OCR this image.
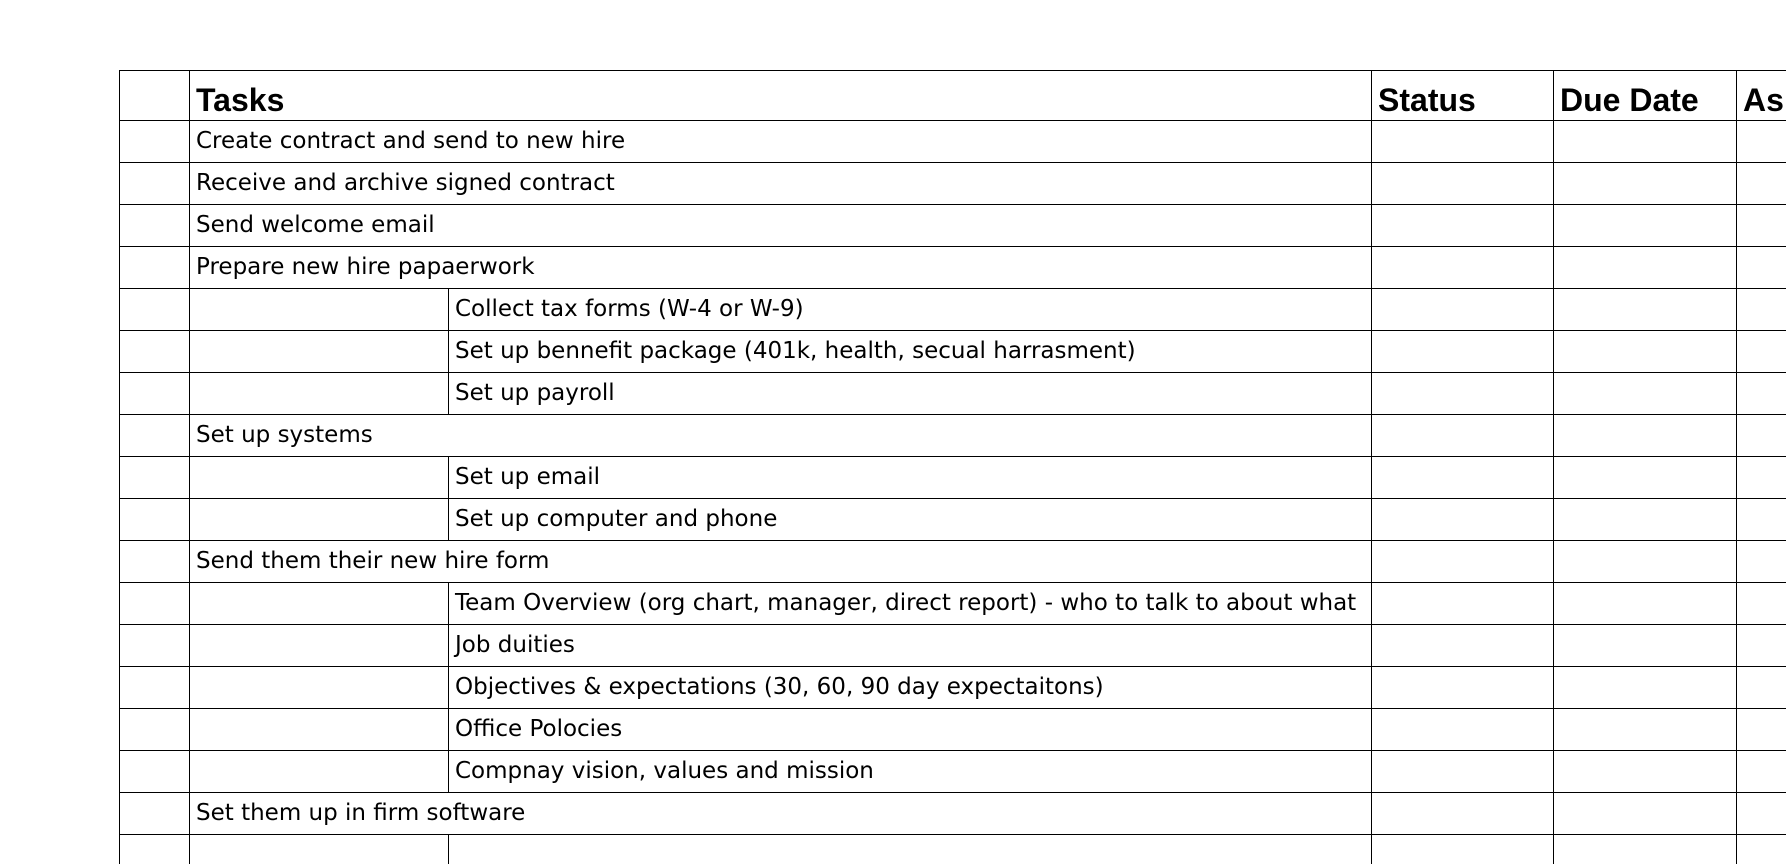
	Tasks		Status	Due Date	As
	Create contract and send to new hire				
	Receive and archive signed contract				
	Send welcome email				
	Prepare new hire papaerwork				
		Collect tax forms (W-4 or W-9)			
		Set up bennefit package (401k, health, secual harrasment)			
		Set up payroll			
	Set up systems				
		Set up email			
		Set up computer and phone			
	Send them their new hire form				
		Team Overview (org chart, manager, direct report) - who to talk to about what			
		Job duities			
		Objectives & expectations (30, 60, 90 day expectaitons)			
		Office Polocies			
		Compnay vision, values and mission			
	Set them up in firm software				
